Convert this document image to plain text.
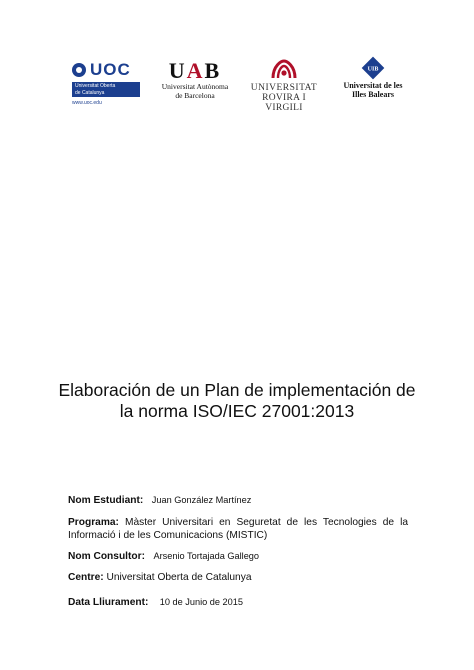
UOC
Universitat Oberta
de Catalunya
www.uoc.edu
UAB
Universitat Autònoma
de Barcelona
UNIVERSITAT
ROVIRA I VIRGILI
UIB
Universitat de les
Illes Balears
Elaboración de un Plan de implementación de
la norma ISO/IEC 27001:2013
Nom Estudiant: Juan González Martínez
Programa: Màster Universitari en Seguretat de les Tecnologies de la Informació i de les Comunicacions (MISTIC)
Nom Consultor: Arsenio Tortajada Gallego
Centre: Universitat Oberta de Catalunya
Data Lliurament: 10 de Junio de 2015
